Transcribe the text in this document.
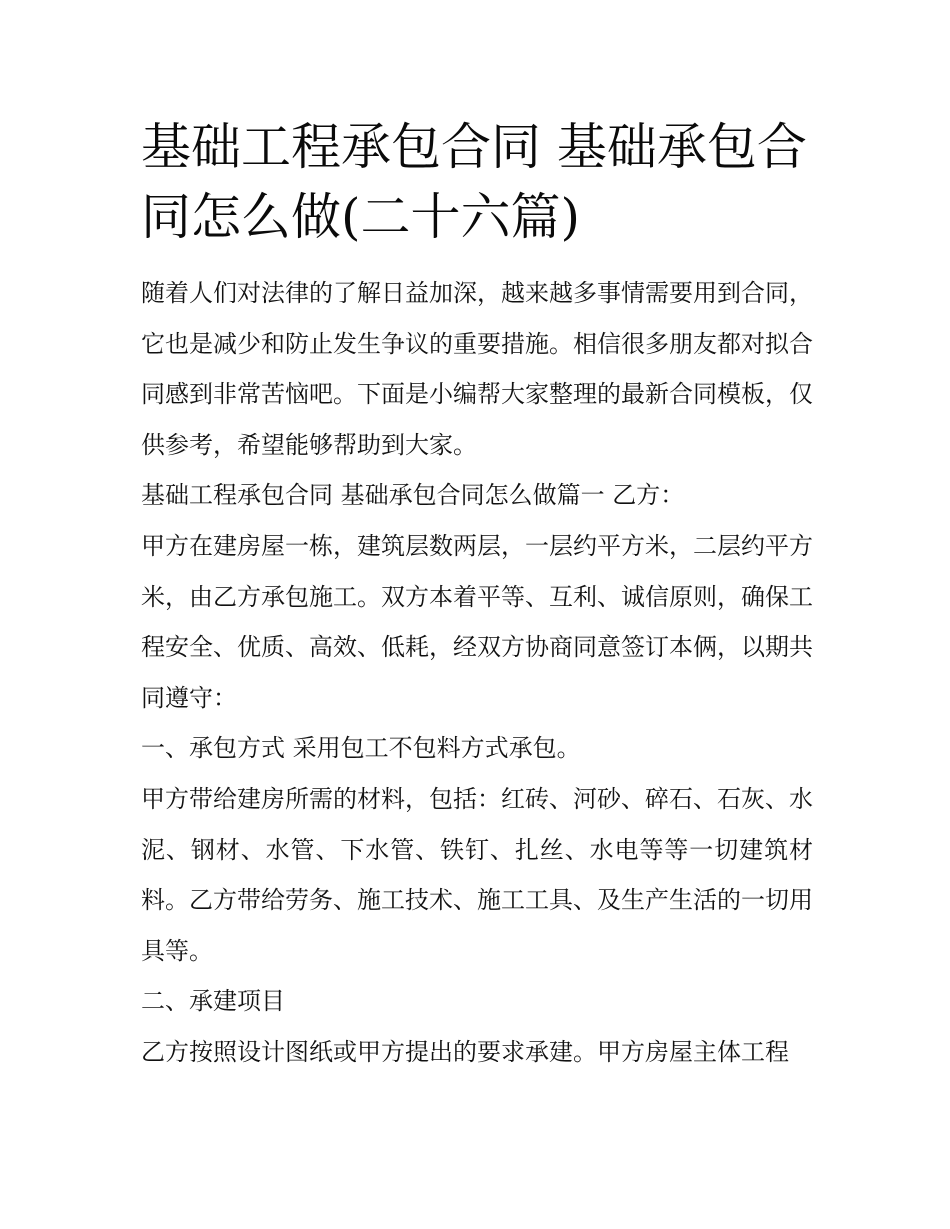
基础工程承包合同 基础承包合同怎么做(二十六篇)

随着人们对法律的了解日益加深，越来越多事情需要用到合同，它也是减少和防止发生争议的重要措施。相信很多朋友都对拟合同感到非常苦恼吧。下面是小编帮大家整理的最新合同模板，仅供参考，希望能够帮助到大家。

基础工程承包合同 基础承包合同怎么做篇一 乙方：

甲方在建房屋一栋，建筑层数两层，一层约平方米，二层约平方米，由乙方承包施工。双方本着平等、互利、诚信原则，确保工程安全、优质、高效、低耗，经双方协商同意签订本俩，以期共同遵守：

一、承包方式 采用包工不包料方式承包。

甲方带给建房所需的材料，包括：红砖、河砂、碎石、石灰、水泥、钢材、水管、下水管、铁钉、扎丝、水电等等一切建筑材料。乙方带给劳务、施工技术、施工工具、及生产生活的一切用具等。

二、承建项目

乙方按照设计图纸或甲方提出的要求承建。甲方房屋主体工程
